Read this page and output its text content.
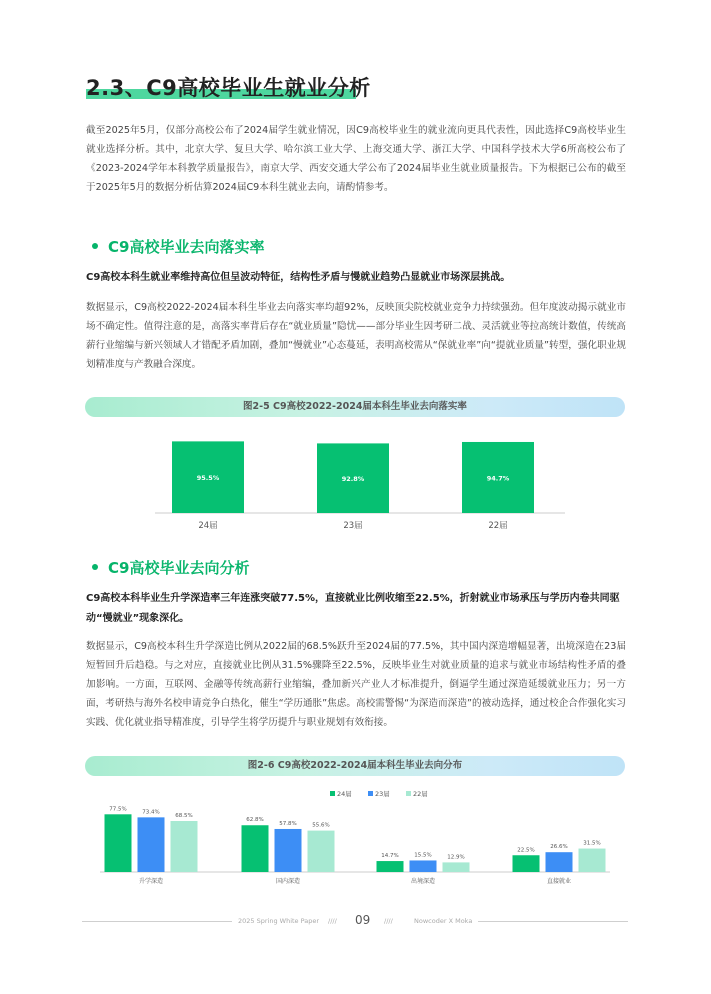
2.3、C9高校毕业生就业分析
截至2025年5月，仅部分高校公布了2024届学生就业情况，因C9高校毕业生的就业流向更具代表性，因此选择C9高校毕业生就业选择分析。其中，北京大学、复旦大学、哈尔滨工业大学、上海交通大学、浙江大学、中国科学技术大学6所高校公布了《2023-2024学年本科教学质量报告》，南京大学、西安交通大学公布了2024届毕业生就业质量报告。下为根据已公布的截至于2025年5月的数据分析估算2024届C9本科生就业去向，请酌情参考。
C9高校毕业去向落实率
C9高校本科生就业率维持高位但呈波动特征，结构性矛盾与慢就业趋势凸显就业市场深层挑战。
数据显示，C9高校2022-2024届本科生毕业去向落实率均超92%，反映顶尖院校就业竞争力持续强劲。但年度波动揭示就业市场不确定性。值得注意的是，高落实率背后存在“就业质量”隐忧——部分毕业生因考研二战、灵活就业等拉高统计数值，传统高薪行业缩编与新兴领域人才错配矛盾加剧，叠加“慢就业”心态蔓延，表明高校需从“保就业率”向“提就业质量”转型，强化职业规划精准度与产教融合深度。
图2-5 C9高校2022-2024届本科生毕业去向落实率
95.5%
24届
92.8%
23届
94.7%
22届
C9高校毕业去向分析
C9高校本科毕业生升学深造率三年连涨突破77.5%，直接就业比例收缩至22.5%，折射就业市场承压与学历内卷共同驱动“慢就业”现象深化。
数据显示，C9高校本科生升学深造比例从2022届的68.5%跃升至2024届的77.5%，其中国内深造增幅显著，出境深造在23届短暂回升后趋稳。与之对应，直接就业比例从31.5%骤降至22.5%，反映毕业生对就业质量的追求与就业市场结构性矛盾的叠加影响。一方面，互联网、金融等传统高薪行业缩编，叠加新兴产业人才标准提升，倒逼学生通过深造延缓就业压力；另一方面，考研热与海外名校申请竞争白热化，催生“学历通胀”焦虑。高校需警惕“为深造而深造”的被动选择，通过校企合作强化实习实践、优化就业指导精准度，引导学生将学历提升与职业规划有效衔接。
图2-6 C9高校2022-2024届本科生毕业去向分布
24届	23届	22届
77.5%
73.4%
68.5%
升学深造
62.8%
57.8%	55.6%
国内深造
14.7%	15.5%	12.9%
出境深造
22.5%
26.6%
31.5%
直接就业
2025 Spring White Paper //// 09 ////	Nowcoder X Moka
